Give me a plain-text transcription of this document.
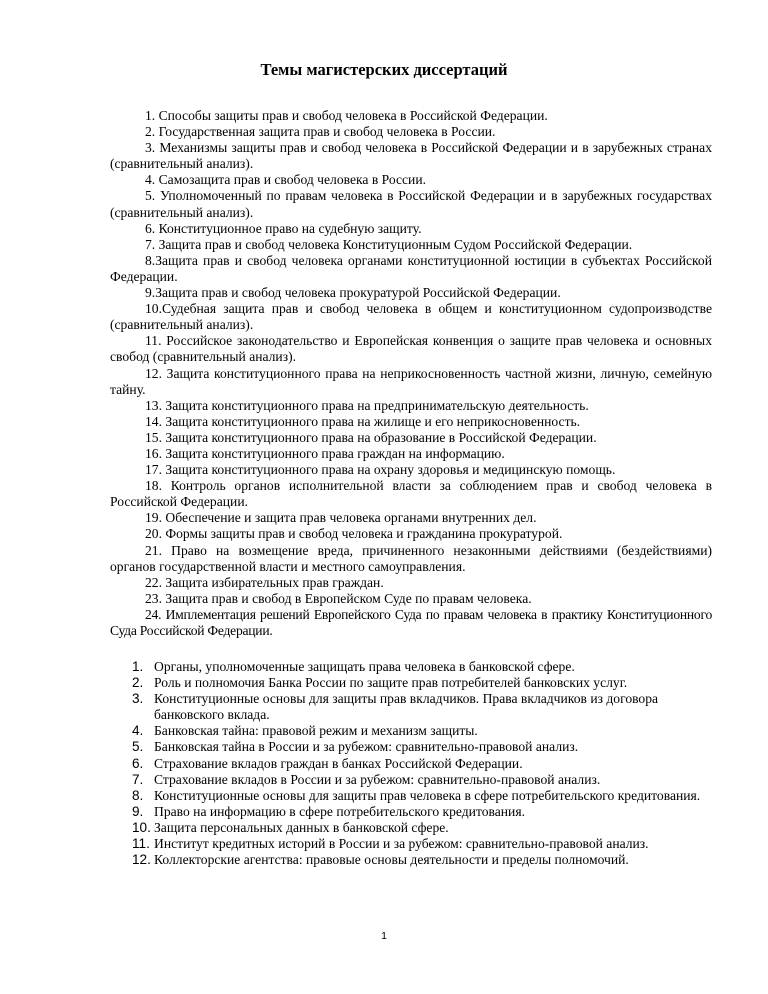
Темы магистерских диссертаций

1. Способы защиты прав и свобод человека в Российской Федерации.

2. Государственная защита прав и свобод человека в России.

3. Механизмы защиты прав и свобод человека в Российской Федерации и в зарубежных странах (сравнительный анализ).

4. Самозащита прав и свобод человека в России.

5. Уполномоченный по правам человека в Российской Федерации и в зарубежных государствах (сравнительный анализ).

6. Конституционное право на судебную защиту.

7. Защита прав и свобод человека Конституционным Судом Российской Федерации.

8.Защита прав и свобод человека органами конституционной юстиции в субъектах Российской Федерации.

9.Защита прав и свобод человека прокуратурой Российской Федерации.

10.Судебная защита прав и свобод человека в общем и конституционном судопроизводстве (сравнительный анализ).

11. Российское законодательство и Европейская конвенция о защите прав человека и основных свобод (сравнительный анализ).

12. Защита конституционного права на неприкосновенность частной жизни, личную, семейную тайну.

13. Защита конституционного права на предпринимательскую деятельность.

14. Защита конституционного права на жилище и его неприкосновенность.

15. Защита конституционного права на образование в Российской Федерации.

16. Защита конституционного права граждан на информацию.

17. Защита конституционного права на охрану здоровья и медицинскую помощь.

18. Контроль органов исполнительной власти за соблюдением прав и свобод человека в Российской Федерации.

19. Обеспечение и защита прав человека органами внутренних дел.

20. Формы защиты прав и свобод человека и гражданина прокуратурой.

21. Право на возмещение вреда, причиненного незаконными действиями (бездействиями) органов государственной власти и местного самоуправления.

22. Защита избирательных прав граждан.

23. Защита прав и свобод в Европейском Суде по правам человека.

24. Имплементация решений Европейского Суда по правам человека в практику Конституционного Суда Российской Федерации.

1. Органы, уполномоченные защищать права человека в банковской сфере.
2. Роль и полномочия Банка России по защите прав потребителей банковских услуг.
3. Конституционные основы для защиты прав вкладчиков. Права вкладчиков из договора банковского вклада.
4. Банковская тайна: правовой режим и механизм защиты.
5. Банковская тайна в России и за рубежом: сравнительно-правовой анализ.
6. Страхование вкладов граждан в банках Российской Федерации.
7. Страхование вкладов в России и за рубежом: сравнительно-правовой анализ.
8. Конституционные основы для защиты прав человека в сфере потребительского кредитования.
9. Право на информацию в сфере потребительского кредитования.
10. Защита персональных данных в банковской сфере.
11. Институт кредитных историй в России и за рубежом: сравнительно-правовой анализ.
12. Коллекторские агентства: правовые основы деятельности и пределы полномочий.
1
